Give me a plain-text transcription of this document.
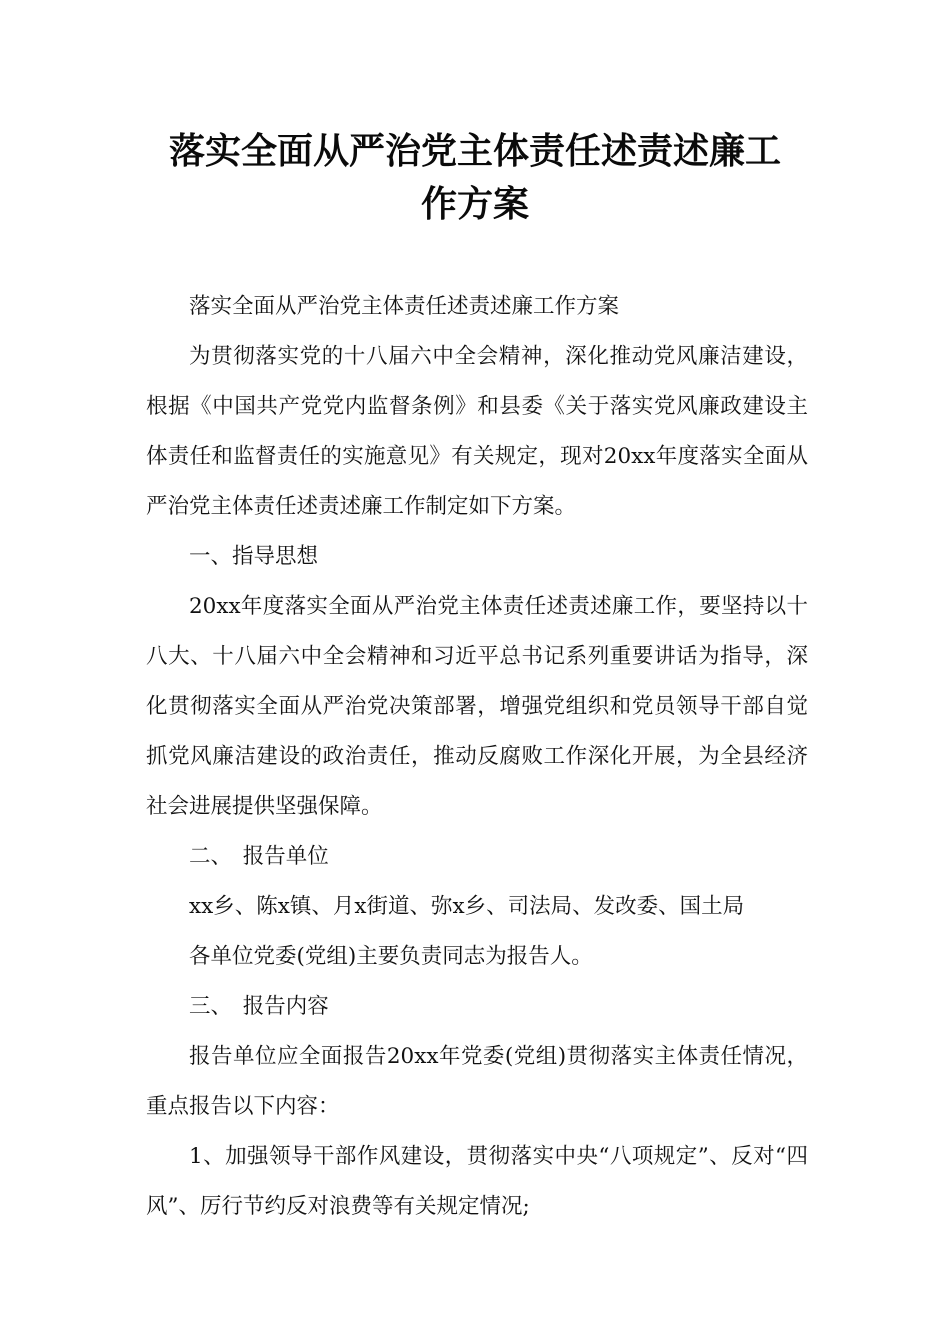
落实全面从严治党主体责任述责述廉工
作方案

落实全面从严治党主体责任述责述廉工作方案

为贯彻落实党的十八届六中全会精神，深化推动党风廉洁建设，根据《中国共产党党内监督条例》和县委《关于落实党风廉政建设主体责任和监督责任的实施意见》有关规定，现对20xx年度落实全面从严治党主体责任述责述廉工作制定如下方案。

一、指导思想

20xx年度落实全面从严治党主体责任述责述廉工作，要坚持以十八大、十八届六中全会精神和习近平总书记系列重要讲话为指导，深化贯彻落实全面从严治党决策部署，增强党组织和党员领导干部自觉抓党风廉洁建设的政治责任，推动反腐败工作深化开展，为全县经济社会进展提供坚强保障。

二、　报告单位

xx乡、陈x镇、月x街道、弥x乡、司法局、发改委、国土局

各单位党委(党组)主要负责同志为报告人。

三、　报告内容

报告单位应全面报告20xx年党委(党组)贯彻落实主体责任情况，重点报告以下内容：

1、加强领导干部作风建设，贯彻落实中央“八项规定”、反对“四风”、厉行节约反对浪费等有关规定情况;
